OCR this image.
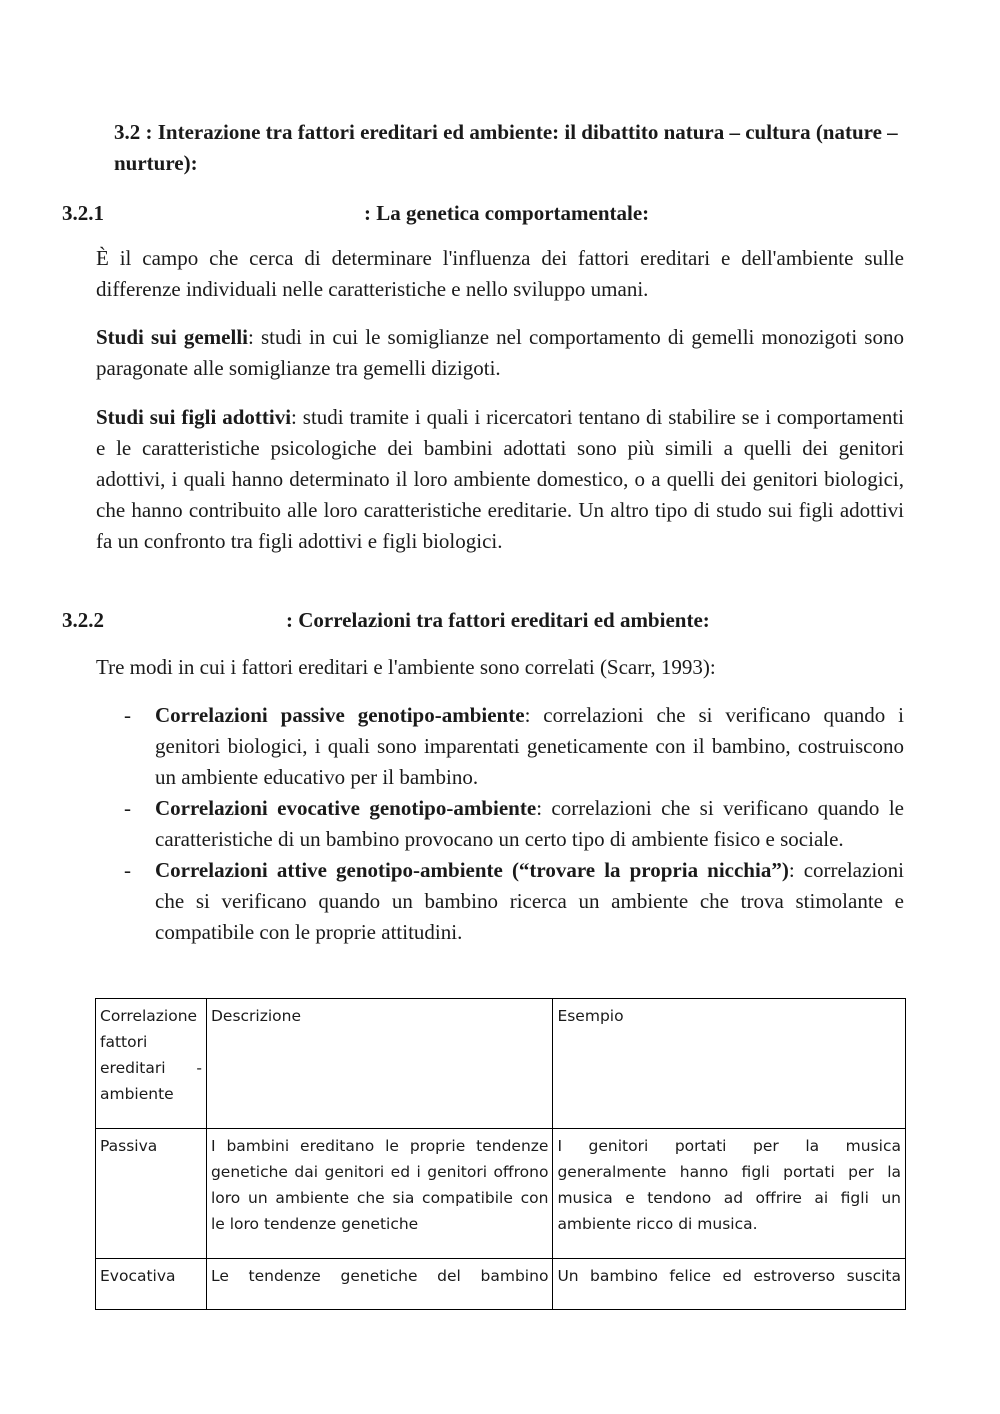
3.2 : Interazione tra fattori ereditari ed ambiente: il dibattito natura – cultura (nature – nurture):
3.2.1	: La genetica comportamentale:

È il campo che cerca di determinare l'influenza dei fattori ereditari e dell'ambiente sulle differenze individuali nelle caratteristiche e nello sviluppo umani.

Studi sui gemelli: studi in cui le somiglianze nel comportamento di gemelli monozigoti sono paragonate alle somiglianze tra gemelli dizigoti.

Studi sui figli adottivi: studi tramite i quali i ricercatori tentano di stabilire se i comportamenti e le caratteristiche psicologiche dei bambini adottati sono più simili a quelli dei genitori adottivi, i quali hanno determinato il loro ambiente domestico, o a quelli dei genitori biologici, che hanno contribuito alle loro caratteristiche ereditarie. Un altro tipo di studo sui figli adottivi fa un confronto tra figli adottivi e figli biologici.

3.2.2	: Correlazioni tra fattori ereditari ed ambiente:

Tre modi in cui i fattori ereditari e l'ambiente sono correlati (Scarr, 1993):

- Correlazioni passive genotipo-ambiente: correlazioni che si verificano quando i genitori biologici, i quali sono imparentati geneticamente con il bambino, costruiscono un ambiente educativo per il bambino.
- Correlazioni evocative genotipo-ambiente: correlazioni che si verificano quando le caratteristiche di un bambino provocano un certo tipo di ambiente fisico e sociale.
- Correlazioni attive genotipo-ambiente (“trovare la propria nicchia”): correlazioni che si verificano quando un bambino ricerca un ambiente che trova stimolante e compatibile con le proprie attitudini.
Correlazione fattori ereditari - ambiente	Descrizione	Esempio
Passiva	I bambini ereditano le proprie tendenze genetiche dai genitori ed i genitori offrono loro un ambiente che sia compatibile con le loro tendenze genetiche	I genitori portati per la musica generalmente hanno figli portati per la musica e tendono ad offrire ai figli un ambiente ricco di musica.
Evocativa	Le tendenze genetiche del bambino	Un bambino felice ed estroverso suscita
